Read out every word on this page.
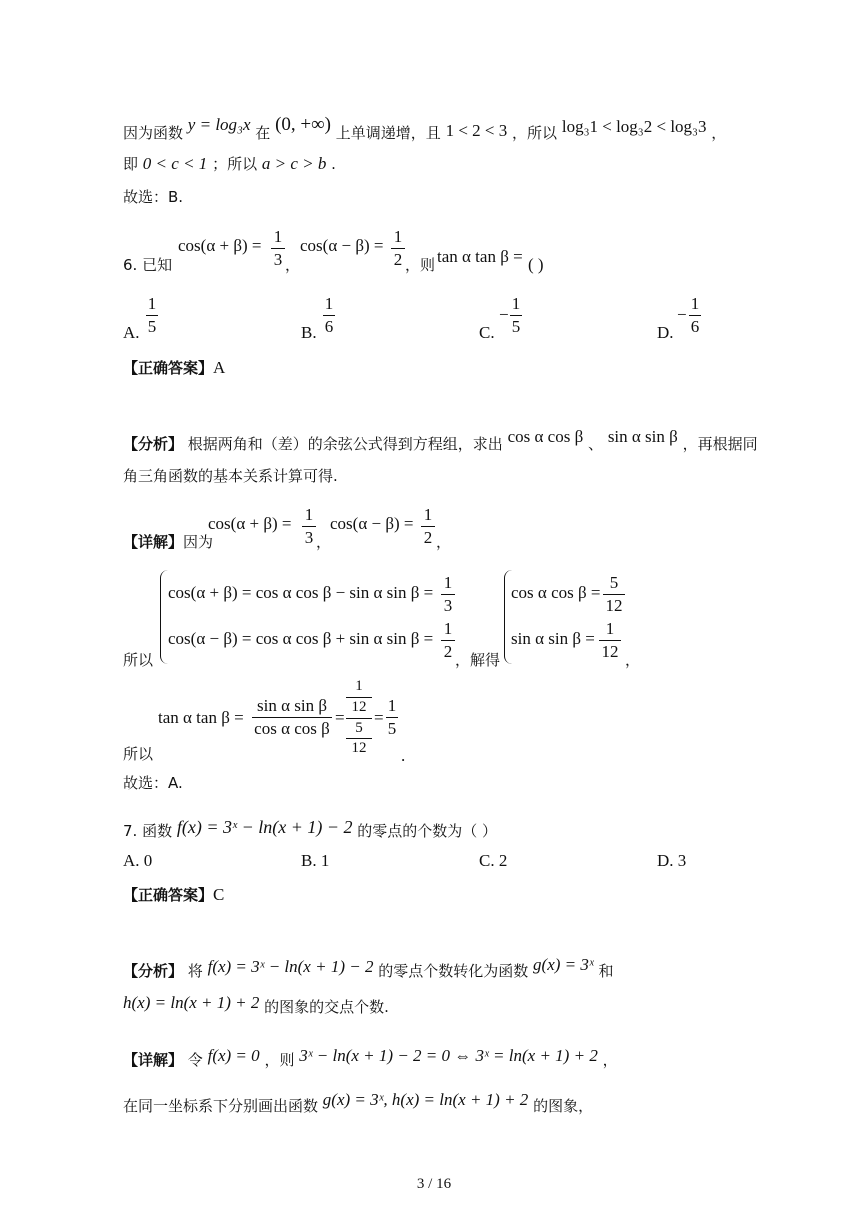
因为函数 y = log₃x 在 (0, +∞) 上单调递增，且 1 < 2 < 3 ，所以 log₃1 < log₃2 < log₃3 ，
即 0 < c < 1 ；所以 a > c > b .
故选：B.
6. 已知
cos(α + β) = 1
3 ，
cos(α − β) = 1
2 ，则 tan α tan β = ( )
A.
1
5	B.
1
6	C.
−
1
5	D.
−
1
6
【正确答案】A
【分析】 根据两角和（差）的余弦公式得到方程组，求出 cos α cos β 、 sin α sin β ，再根据同
角三角函数的基本关系计算可得.
【详解】因为
cos(α + β) = 1
3 ，
cos(α − β) = 1
2 ，
所以
cos(α + β) = cos α cos β − sin α sin β =
1
3
cos(α − β) = cos α cos β + sin α sin β =
1
2 ，解得
cos α cos β =
5
12
sin α sin β =
1
12 ，
所以
tan α tan β =
sin α sin β
cos α cos β
=
1
12
5
12
=
1
5
.
故选：A.
7. 函数 f(x) = 3ˣ − ln(x + 1) − 2 的零点的个数为（ ）
A. 0	B. 1	C. 2	D. 3
【正确答案】C
【分析】 将 f(x) = 3ˣ − ln(x + 1) − 2 的零点个数转化为函数 g(x) = 3ˣ 和
h(x) = ln(x + 1) + 2 的图象的交点个数.
【详解】 令 f(x) = 0 ，则 3ˣ − ln(x + 1) − 2 = 0 ⇔ 3ˣ = ln(x + 1) + 2 ，
在同一坐标系下分别画出函数 g(x) = 3ˣ, h(x) = ln(x + 1) + 2 的图象，
3 / 16
